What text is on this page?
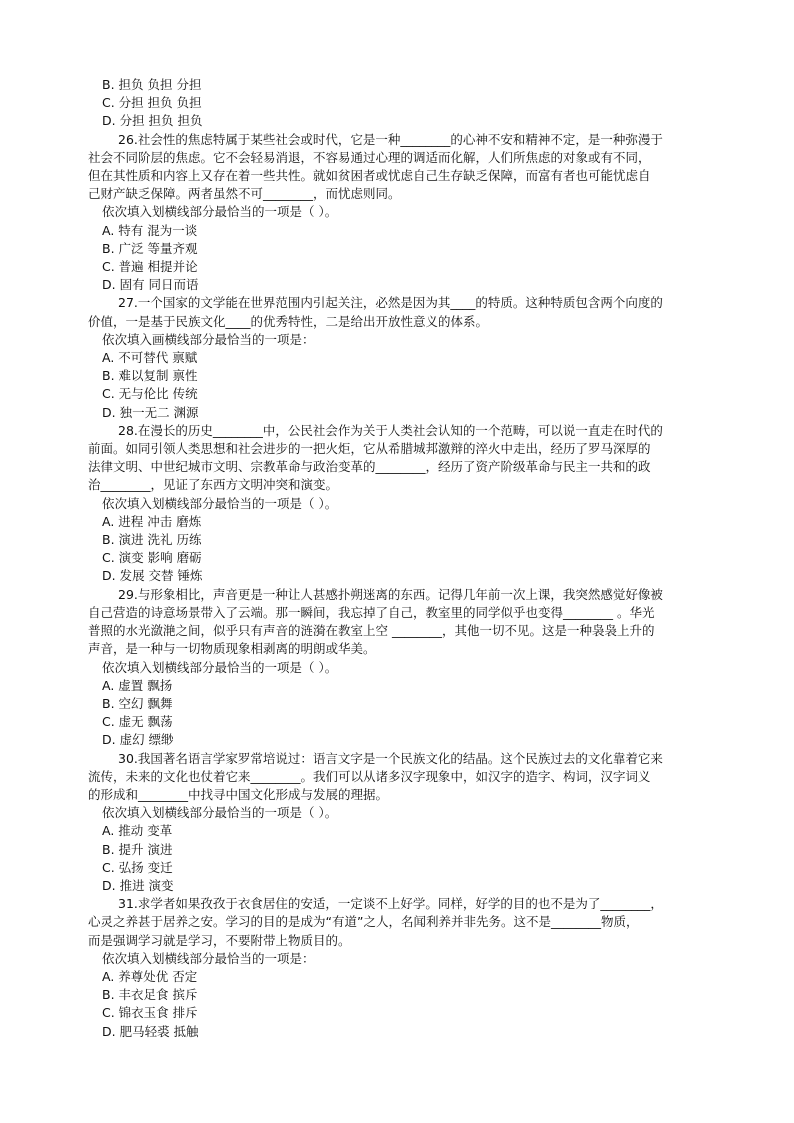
B. 担负 负担 分担
C. 分担 担负 负担
D. 分担 担负 担负
26.社会性的焦虑特属于某些社会或时代，它是一种________的心神不安和精神不定，是一种弥漫于
社会不同阶层的焦虑。它不会轻易消退，不容易通过心理的调适而化解，人们所焦虑的对象或有不同，
但在其性质和内容上又存在着一些共性。就如贫困者或忧虑自己生存缺乏保障，而富有者也可能忧虑自
己财产缺乏保障。两者虽然不可________，而忧虑则同。
依次填入划横线部分最恰当的一项是（ ）。
A. 特有 混为一谈
B. 广泛 等量齐观
C. 普遍 相提并论
D. 固有 同日而语
27.一个国家的文学能在世界范围内引起关注，必然是因为其____的特质。这种特质包含两个向度的
价值，一是基于民族文化____的优秀特性，二是给出开放性意义的体系。
依次填入画横线部分最恰当的一项是：
A. 不可替代 禀赋
B. 难以复制 禀性
C. 无与伦比 传统
D. 独一无二 渊源
28.在漫长的历史________中，公民社会作为关于人类社会认知的一个范畴，可以说一直走在时代的
前面。如同引领人类思想和社会进步的一把火炬，它从希腊城邦激辩的淬火中走出，经历了罗马深厚的
法律文明、中世纪城市文明、宗教革命与政治变革的________，经历了资产阶级革命与民主一共和的政
治________，见证了东西方文明冲突和演变。
依次填入划横线部分最恰当的一项是（ ）。
A. 进程 冲击 磨炼
B. 演进 洗礼 历练
C. 演变 影响 磨砺
D. 发展 交替 锤炼
29.与形象相比，声音更是一种让人甚感扑朔迷离的东西。记得几年前一次上课，我突然感觉好像被
自己营造的诗意场景带入了云端。那一瞬间，我忘掉了自己，教室里的同学似乎也变得________ 。华光
普照的水光潋滟之间，似乎只有声音的涟漪在教室上空 ________，其他一切不见。这是一种袅袅上升的
声音，是一种与一切物质现象相剥离的明朗或华美。
依次填入划横线部分最恰当的一项是（ ）。
A. 虚置 飘扬
B. 空幻 飘舞
C. 虚无 飘荡
D. 虚幻 缥缈
30.我国著名语言学家罗常培说过：语言文字是一个民族文化的结晶。这个民族过去的文化靠着它来
流传，未来的文化也仗着它来________。我们可以从诸多汉字现象中，如汉字的造字、构词，汉字词义
的形成和________中找寻中国文化形成与发展的理据。
依次填入划横线部分最恰当的一项是（ ）。
A. 推动 变革
B. 提升 演进
C. 弘扬 变迁
D. 推进 演变
31.求学者如果孜孜于衣食居住的安适，一定谈不上好学。同样，好学的目的也不是为了________，
心灵之养甚于居养之安。学习的目的是成为“有道”之人，名闻利养并非先务。这不是________物质，
而是强调学习就是学习，不要附带上物质目的。
依次填入划横线部分最恰当的一项是：
A. 养尊处优 否定
B. 丰衣足食 摈斥
C. 锦衣玉食 排斥
D. 肥马轻裘 抵触
